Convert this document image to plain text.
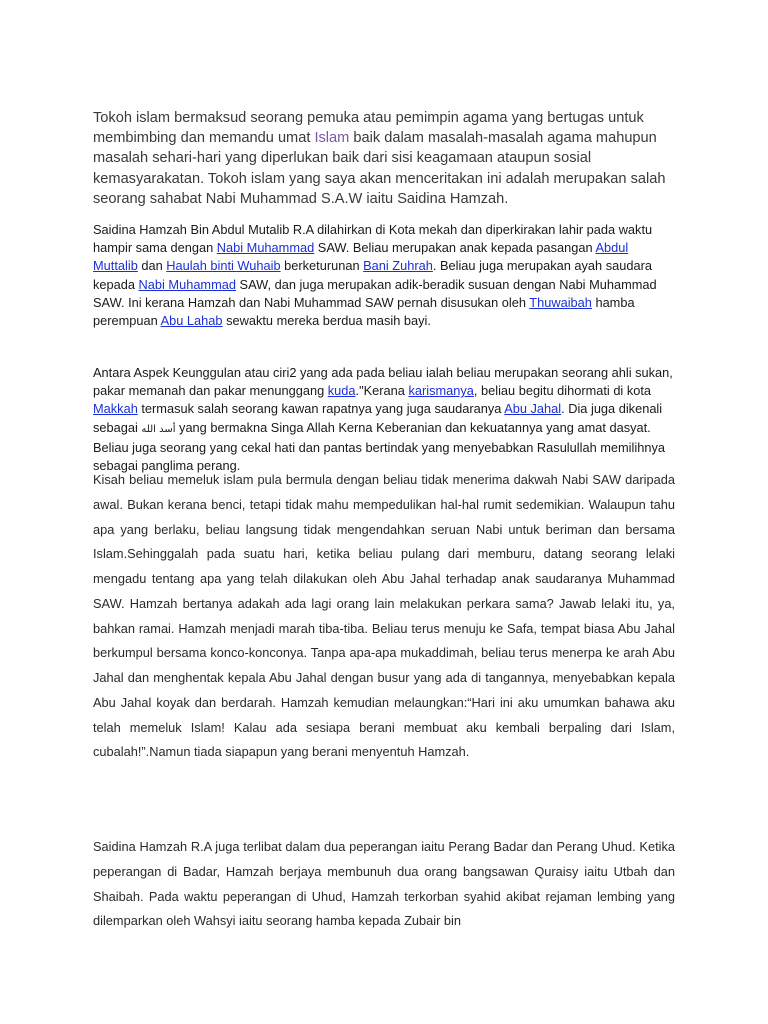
Tokoh islam bermaksud seorang pemuka atau pemimpin agama yang bertugas untuk membimbing dan memandu umat Islam baik dalam masalah-masalah agama mahupun masalah sehari-hari yang diperlukan baik dari sisi keagamaan ataupun sosial kemasyarakatan. Tokoh islam yang saya akan menceritakan ini adalah merupakan salah seorang sahabat Nabi Muhammad S.A.W iaitu Saidina Hamzah.

Saidina Hamzah Bin Abdul Mutalib R.A dilahirkan di Kota mekah dan diperkirakan lahir pada waktu hampir sama dengan Nabi Muhammad SAW. Beliau merupakan anak kepada pasangan Abdul Muttalib dan Haulah binti Wuhaib berketurunan Bani Zuhrah. Beliau juga merupakan ayah saudara kepada Nabi Muhammad SAW, dan juga merupakan adik-beradik susuan dengan Nabi Muhammad SAW. Ini kerana Hamzah dan Nabi Muhammad SAW pernah disusukan oleh Thuwaibah hamba perempuan Abu Lahab sewaktu mereka berdua masih bayi.

Antara Aspek Keunggulan atau ciri2 yang ada pada beliau ialah beliau merupakan seorang ahli sukan, pakar memanah dan pakar menunggang kuda."Kerana karismanya, beliau begitu dihormati di kota Makkah termasuk salah seorang kawan rapatnya yang juga saudaranya Abu Jahal. Dia juga dikenali sebagai أسد الله yang bermakna Singa Allah Kerna Keberanian dan kekuatannya yang amat dasyat. Beliau juga seorang yang cekal hati dan pantas bertindak yang menyebabkan Rasulullah memilihnya sebagai panglima perang.

Kisah beliau memeluk islam pula bermula dengan beliau tidak menerima dakwah Nabi SAW daripada awal. Bukan kerana benci, tetapi tidak mahu mempedulikan hal-hal rumit sedemikian. Walaupun tahu apa yang berlaku, beliau langsung tidak mengendahkan seruan Nabi untuk beriman dan bersama Islam.Sehinggalah pada suatu hari, ketika beliau pulang dari memburu, datang seorang lelaki mengadu tentang apa yang telah dilakukan oleh Abu Jahal terhadap anak saudaranya Muhammad SAW. Hamzah bertanya adakah ada lagi orang lain melakukan perkara sama? Jawab lelaki itu, ya, bahkan ramai. Hamzah menjadi marah tiba-tiba. Beliau terus menuju ke Safa, tempat biasa Abu Jahal berkumpul bersama konco-konconya. Tanpa apa-apa mukaddimah, beliau terus menerpa ke arah Abu Jahal dan menghentak kepala Abu Jahal dengan busur yang ada di tangannya, menyebabkan kepala Abu Jahal koyak dan berdarah. Hamzah kemudian melaungkan:“Hari ini aku umumkan bahawa aku telah memeluk Islam! Kalau ada sesiapa berani membuat aku kembali berpaling dari Islam, cubalah!”.Namun tiada siapapun yang berani menyentuh Hamzah.

Saidina Hamzah R.A juga terlibat dalam dua peperangan iaitu Perang Badar dan Perang Uhud. Ketika peperangan di Badar, Hamzah berjaya membunuh dua orang bangsawan Quraisy iaitu Utbah dan Shaibah. Pada waktu peperangan di Uhud, Hamzah terkorban syahid akibat rejaman lembing yang dilemparkan oleh Wahsyi iaitu seorang hamba kepada Zubair bin
